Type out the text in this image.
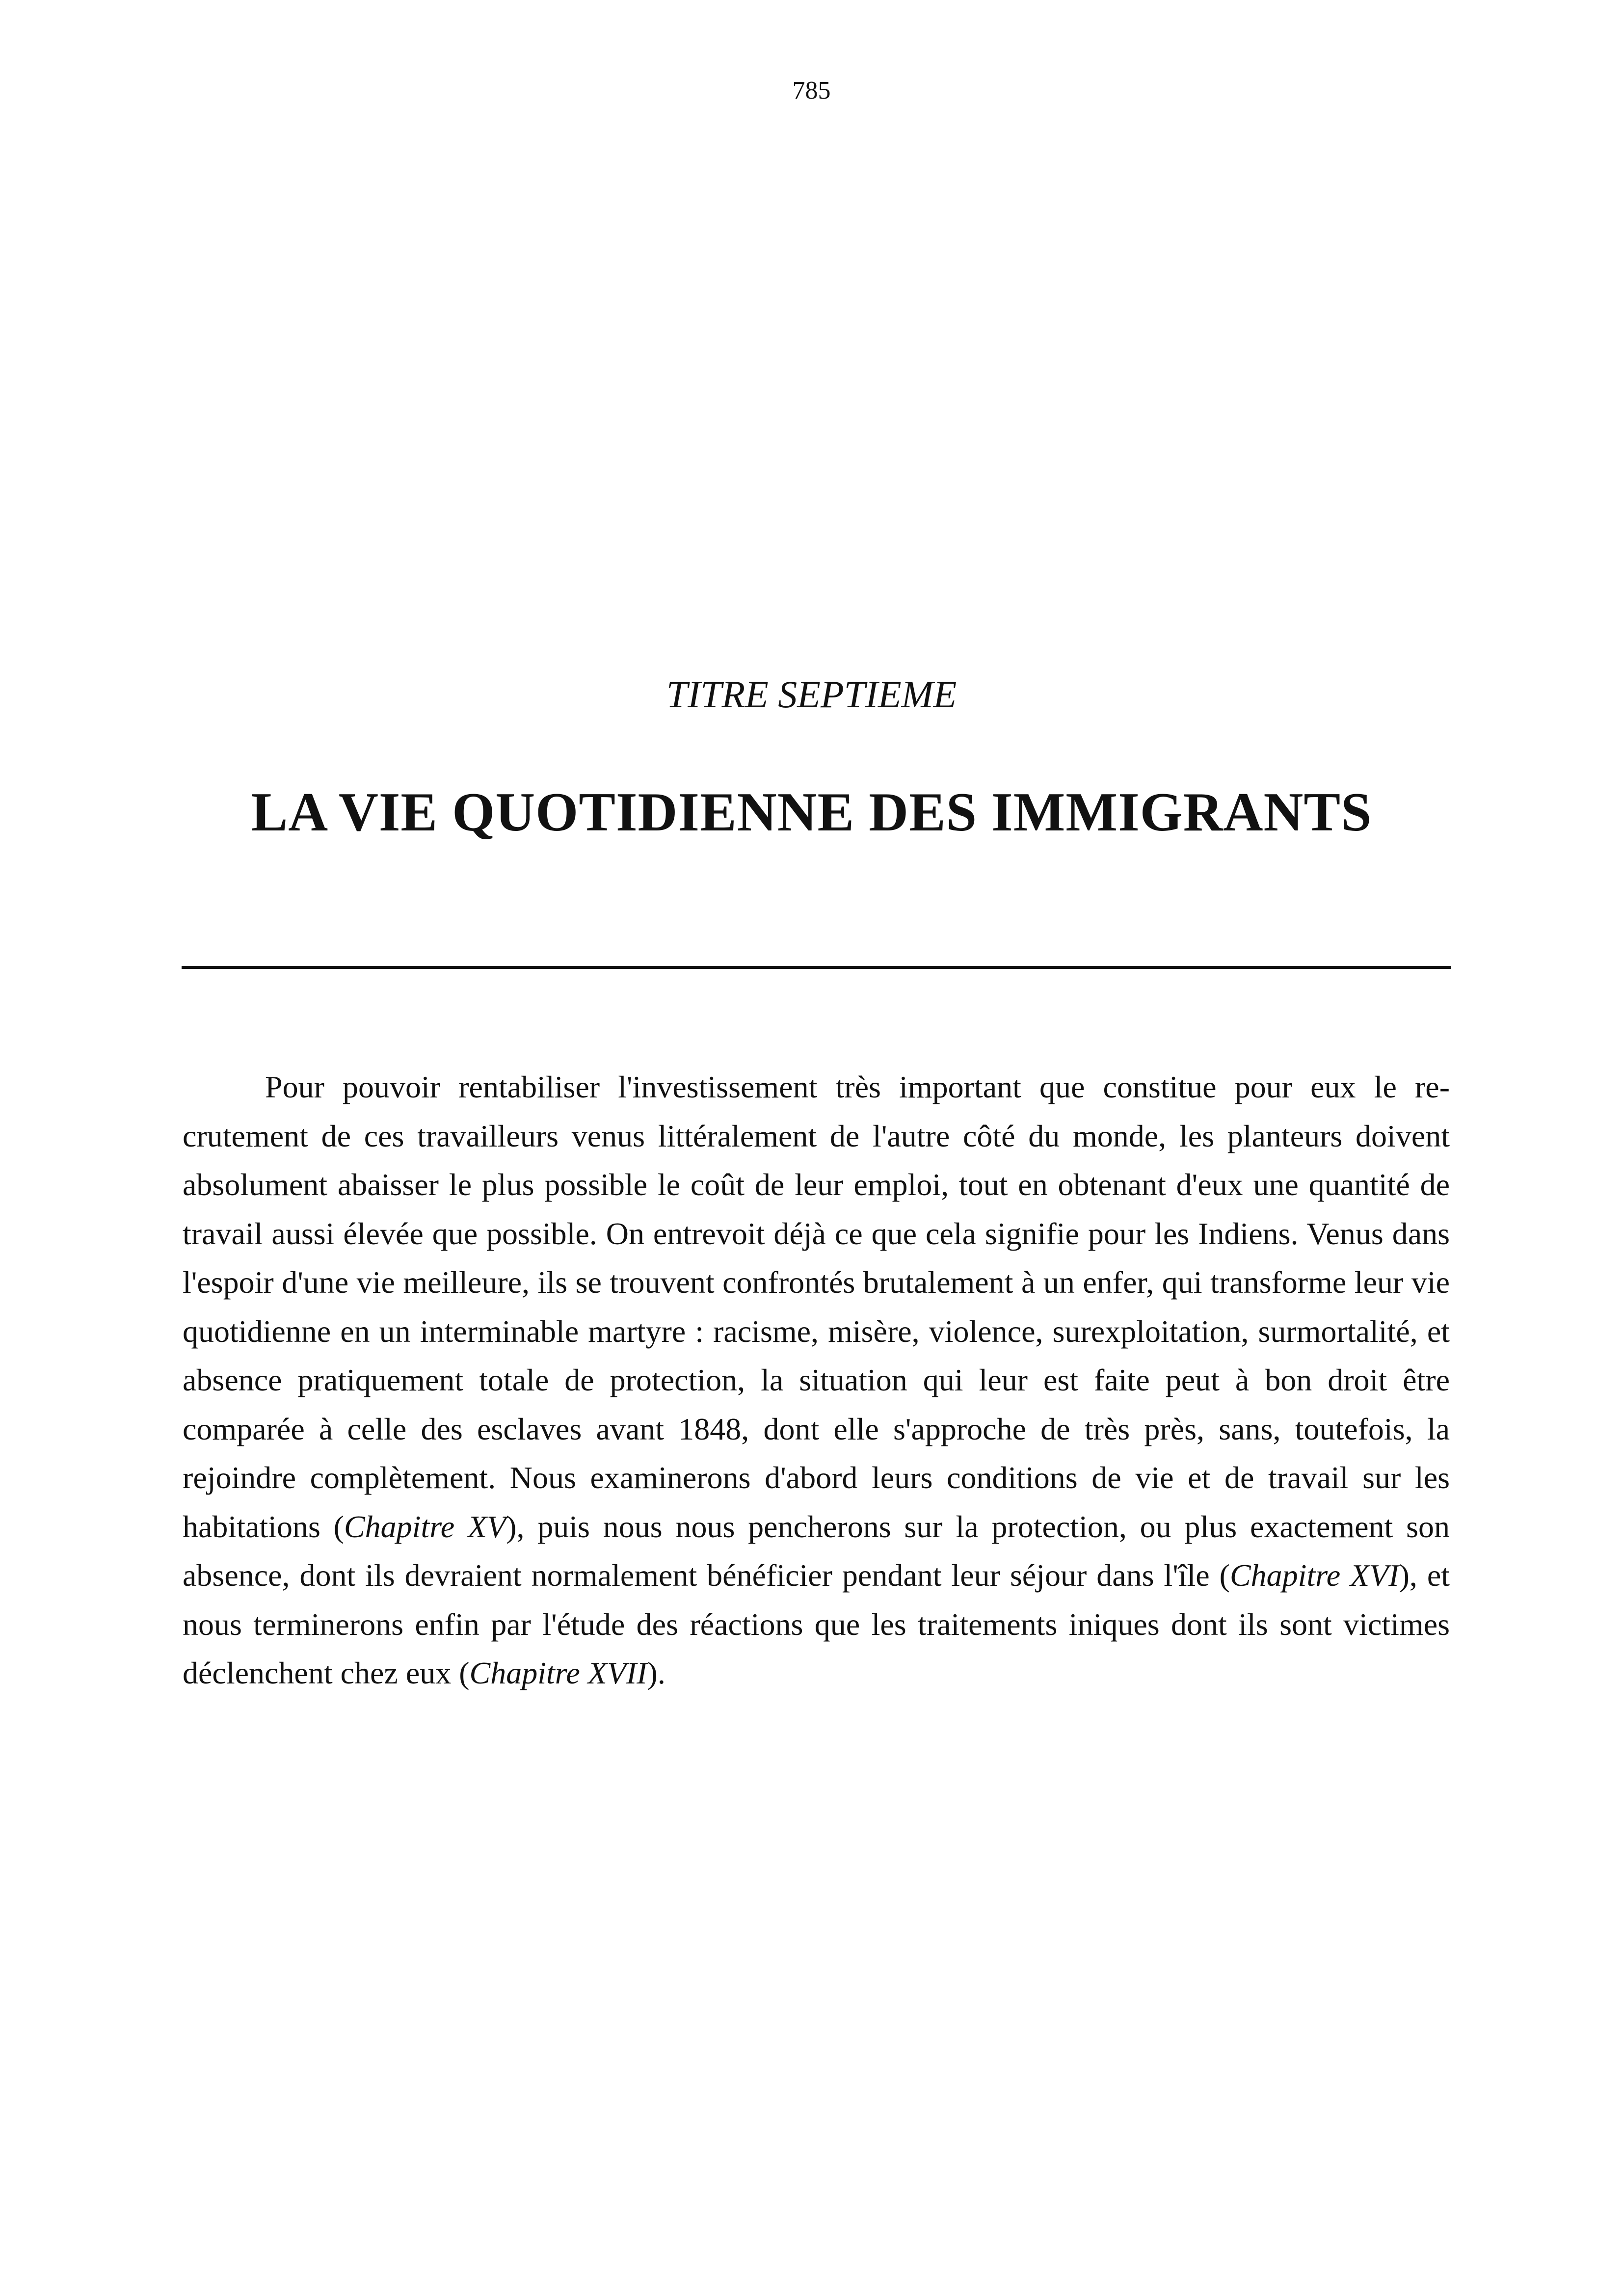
785
TITRE SEPTIEME
LA VIE QUOTIDIENNE DES IMMIGRANTS

Pour pouvoir rentabiliser l'investissement très important que constitue pour eux le recrutement de ces travailleurs venus littéralement de l'autre côté du monde, les planteurs doivent absolument abaisser le plus possible le coût de leur emploi, tout en obtenant d'eux une quantité de travail aussi élevée que possible. On entrevoit déjà ce que cela signifie pour les Indiens. Venus dans l'espoir d'une vie meilleure, ils se trouvent confrontés brutalement à un enfer, qui transforme leur vie quotidienne en un interminable martyre : racisme, misère, violence, surexploitation, surmortalité, et absence pratiquement totale de protection, la situation qui leur est faite peut à bon droit être comparée à celle des esclaves avant 1848, dont elle s'approche de très près, sans, toutefois, la rejoindre complètement. Nous examinerons d'abord leurs conditions de vie et de travail sur les habitations (Chapitre XV), puis nous nous pencherons sur la protection, ou plus exactement son absence, dont ils devraient normalement bénéficier pendant leur séjour dans l'île (Chapitre XVI), et nous terminerons enfin par l'étude des réactions que les traitements iniques dont ils sont victimes déclenchent chez eux (Chapitre XVII).
